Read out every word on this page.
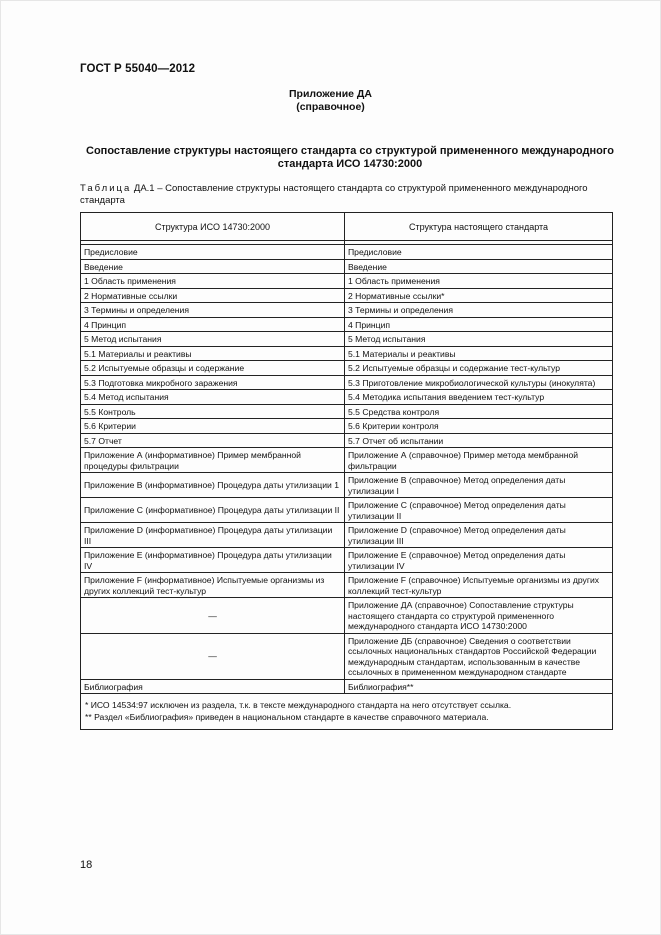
ГОСТ Р 55040—2012
Приложение ДА
(справочное)
Сопоставление структуры настоящего стандарта со структурой примененного международного стандарта ИСО 14730:2000
Таблица ДА.1 – Сопоставление структуры настоящего стандарта со структурой примененного международного стандарта
Структура ИСО 14730:2000	Структура настоящего стандарта

Предисловие	Предисловие
Введение	Введение
1 Область применения	1 Область применения
2 Нормативные ссылки	2 Нормативные ссылки*
3 Термины и определения	3 Термины и определения
4 Принцип	4 Принцип
5 Метод испытания	5 Метод испытания
5.1 Материалы и реактивы	5.1 Материалы и реактивы
5.2 Испытуемые образцы и содержание	5.2 Испытуемые образцы и содержание тест-культур
5.3 Подготовка микробного заражения	5.3 Приготовление микробиологической культуры (инокулята)
5.4 Метод испытания	5.4 Методика испытания введением тест-культур
5.5 Контроль	5.5 Средства контроля
5.6 Критерии	5.6 Критерии контроля
5.7 Отчет	5.7 Отчет об испытании
Приложение А (информативное) Пример мембранной процедуры фильтрации	Приложение А (справочное) Пример метода мембранной фильтрации
Приложение В (информативное) Процедура даты утилизации 1	Приложение В (справочное) Метод определения даты утилизации I
Приложение С (информативное) Процедура даты утилизации II	Приложение С (справочное) Метод определения даты утилизации II
Приложение D (информативное) Процедура даты утилизации III	Приложение D (справочное) Метод определения даты утилизации III
Приложение Е (информативное) Процедура даты утилизации IV	Приложение Е (справочное) Метод определения даты утилизации IV
Приложение F (информативное) Испытуемые организмы из других коллекций тест-культур	Приложение F (справочное) Испытуемые организмы из других коллекций тест-культур
—	Приложение ДА (справочное) Сопоставление структуры настоящего стандарта со структурой примененного международного стандарта ИСО 14730:2000
—	Приложение ДБ (справочное) Сведения о соответствии ссылочных национальных стандартов Российской Федерации международным стандартам, использованным в качестве ссылочных в примененном международном стандарте
Библиография	Библиография**

* ИСО 14534:97 исключен из раздела, т.к. в тексте международного стандарта на него отсутствует ссылка.
** Раздел «Библиография» приведен в национальном стандарте в качестве справочного материала.	
18
